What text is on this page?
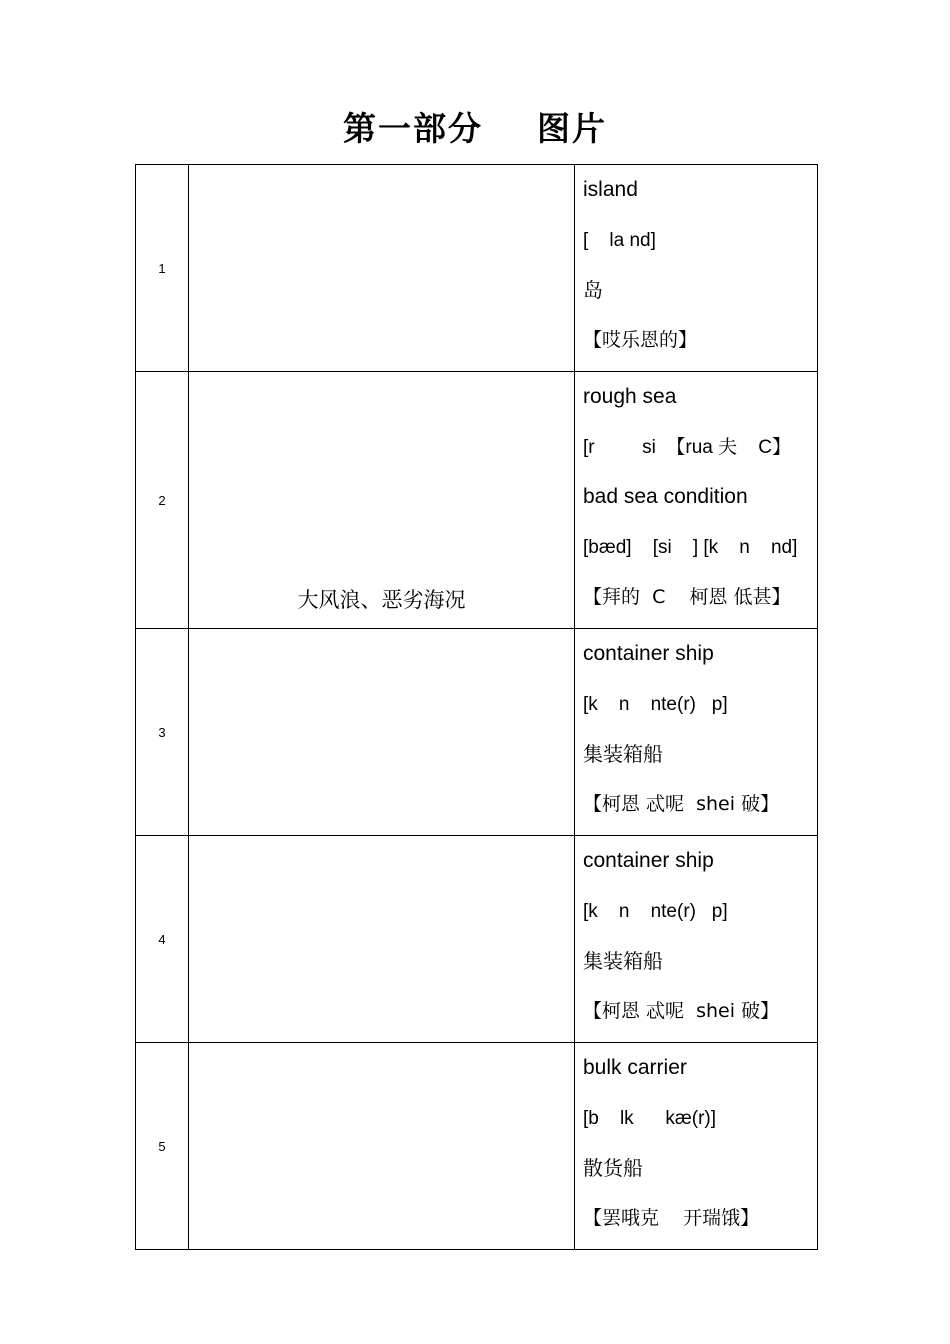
第一部分    图片
1		island
[    la nd]
岛
【哎乐恩的】

2	大风浪、恶劣海况	rough sea
[r         si  【rua 夫    C】
bad sea condition
[bæd]    [si    ] [k    n    nd]
【拜的  C    柯恩 低甚】

3		container ship
[k    n    nte(r)   p]
集装箱船
【柯恩 忒呢  shei 破】

4		container ship
[k    n    nte(r)   p]
集装箱船
【柯恩 忒呢  shei 破】

5		bulk carrier
[b    lk      kæ(r)]
散货船
【罢哦克    开瑞饿】
